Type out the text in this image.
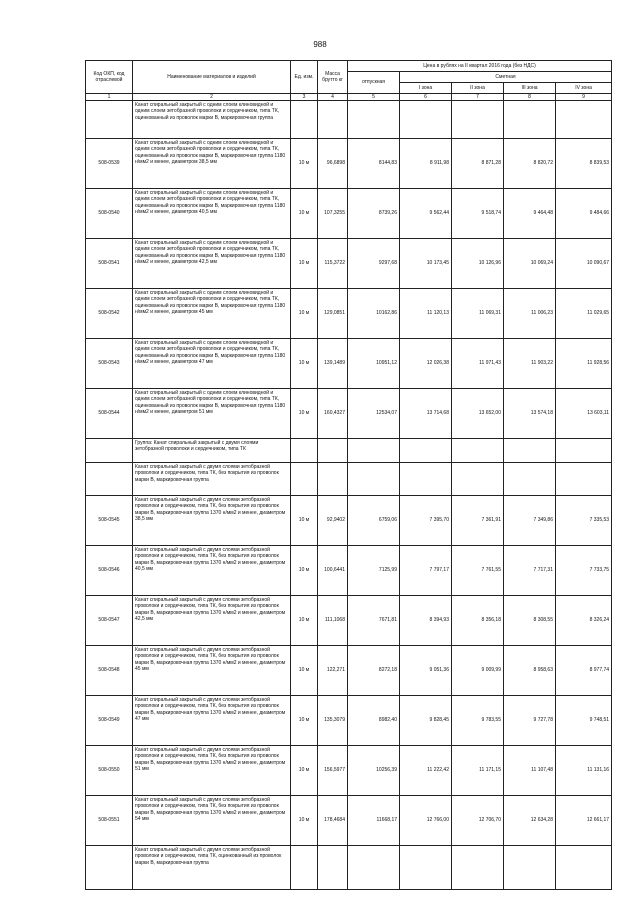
988
Код ОКП, код отраслевой	Наименование материалов и изделий	Ед. изм.	Масса брутто кг	Цена в рублях на II квартал 2016 года (без НДС)				
				отпускная	Сметная			
					I зона	II зона	III зона	IV зона
1	2	3	4	5	6	7	8	9
	Канат спиральный закрытый с одним слоем клиновидной и одним слоем зетобразной проволоки и сердечником, типа ТК, оцинкованный из проволок марки В, маркировочная группа							
508-0539	Канат спиральный закрытый с одним слоем клиновидной и одним слоем зетобразной проволоки и сердечником, типа ТК, оцинкованный из проволок марки В, маркировочная группа 1180 н/мм2 и менее, диаметром 38,5 мм	10 м	96,6898	8144,83	8 911,98	8 871,28	8 820,72	8 839,53
508-0540	Канат спиральный закрытый с одним слоем клиновидной и одним слоем зетобразной проволоки и сердечником, типа ТК, оцинкованный из проволок марки В, маркировочная группа 1180 н/мм2 и менее, диаметром 40,5 мм	10 м	107,3255	8739,26	9 562,44	9 518,74	9 464,48	9 484,66
508-0541	Канат спиральный закрытый с одним слоем клиновидной и одним слоем зетобразной проволоки и сердечником, типа ТК, оцинкованный из проволок марки В, маркировочная группа 1180 н/мм2 и менее, диаметром 42,5 мм	10 м	115,3722	9297,68	10 173,45	10 126,96	10 069,24	10 090,67
508-0542	Канат спиральный закрытый с одним слоем клиновидной и одним слоем зетобразной проволоки и сердечником, типа ТК, оцинкованный из проволок марки В, маркировочная группа 1180 н/мм2 и менее, диаметром 45 мм	10 м	129,0851	10162,86	11 120,13	11 069,31	11 006,23	11 029,65
508-0543	Канат спиральный закрытый с одним слоем клиновидной и одним слоем зетобразной проволоки и сердечником, типа ТК, оцинкованный из проволок марки В, маркировочная группа 1180 н/мм2 и менее, диаметром 47 мм	10 м	139,1489	10951,12	12 026,38	11 971,43	11 903,22	11 928,56
508-0544	Канат спиральный закрытый с одним слоем клиновидной и одним слоем зетобразной проволоки и сердечником, типа ТК, оцинкованный из проволок марки В, маркировочная группа 1180 н/мм2 и менее, диаметром 51 мм	10 м	160,4327	12534,07	13 714,68	13 652,00	13 574,18	13 603,11
	Группа: Канат спиральный закрытый с двумя слоями зетобразной проволоки и сердечником, типа ТК							
	Канат спиральный закрытый с двумя слоями зетобразной проволоки и сердечником, типа ТК, без покрытия из проволок марки В, маркировочная группа							
508-0545	Канат спиральный закрытый с двумя слоями зетобразной проволоки и сердечником, типа ТК, без покрытия из проволок марки В, маркировочная группа 1370 н/мм2 и менее, диаметром 38,5 мм	10 м	92,9402	6759,06	7 395,70	7 361,91	7 349,86	7 335,53
508-0546	Канат спиральный закрытый с двумя слоями зетобразной проволоки и сердечником, типа ТК, без покрытия из проволок марки В, маркировочная группа 1370 н/мм2 и менее, диаметром 40,5 мм	10 м	100,6441	7125,99	7 797,17	7 761,55	7 717,31	7 733,75
508-0547	Канат спиральный закрытый с двумя слоями зетобразной проволоки и сердечником, типа ТК, без покрытия из проволок марки В, маркировочная группа 1370 н/мм2 и менее, диаметром 42,5 мм	10 м	111,1068	7671,81	8 394,93	8 356,18	8 308,55	8 326,24
508-0548	Канат спиральный закрытый с двумя слоями зетобразной проволоки и сердечником, типа ТК, без покрытия из проволок марки В, маркировочная группа 1370 н/мм2 и менее, диаметром 45 мм	10 м	122,271	8272,18	9 051,36	9 009,99	8 958,63	8 977,74
508-0549	Канат спиральный закрытый с двумя слоями зетобразной проволоки и сердечником, типа ТК, без покрытия из проволок марки В, маркировочная группа 1370 н/мм2 и менее, диаметром 47 мм	10 м	135,3079	8982,40	9 828,45	9 783,55	9 727,78	9 748,51
508-0550	Канат спиральный закрытый с двумя слоями зетобразной проволоки и сердечником, типа ТК, без покрытия из проволок марки В, маркировочная группа 1370 н/мм2 и менее, диаметром 51 мм	10 м	156,5977	10256,39	11 222,42	11 171,15	11 107,48	11 131,16
508-0551	Канат спиральный закрытый с двумя слоями зетобразной проволоки и сердечником, типа ТК, без покрытия из проволок марки В, маркировочная группа 1370 н/мм2 и менее, диаметром 54 мм	10 м	178,4684	11668,17	12 766,00	12 706,70	12 634,28	12 661,17
	Канат спиральный закрытый с двумя слоями зетобразной проволоки и сердечником, типа ТК, оцинкованный из проволок марки В, маркировочная группа							
